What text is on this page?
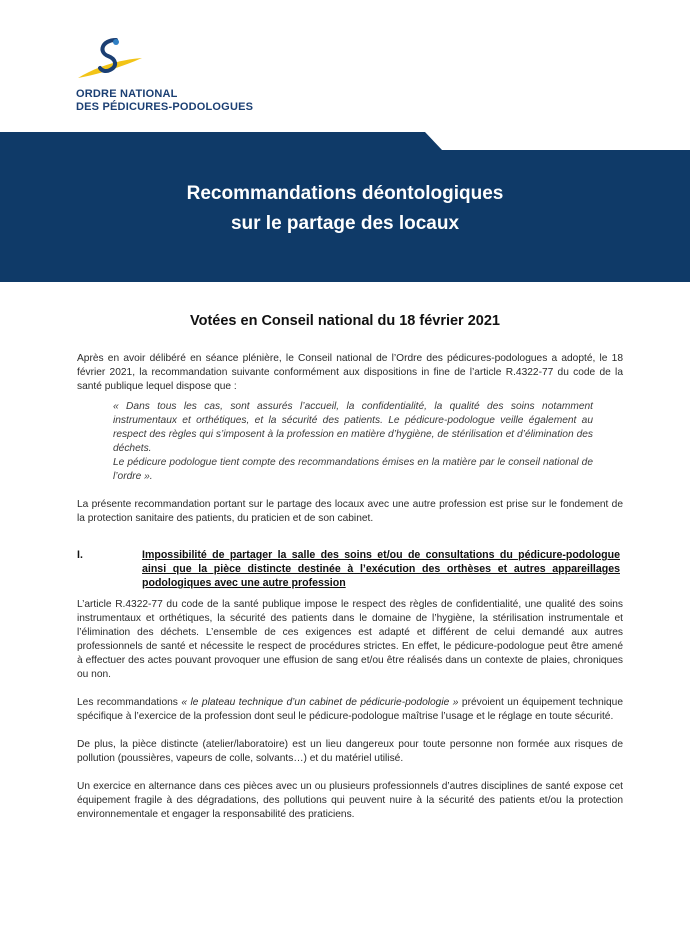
ORDRE NATIONAL
DES PÉDICURES-PODOLOGUES
Recommandations déontologiques
sur le partage des locaux
Votées en Conseil national du 18 février 2021

Après en avoir délibéré en séance plénière, le Conseil national de l’Ordre des pédicures-podologues a adopté, le 18 février 2021, la recommandation suivante conformément aux dispositions in fine de l’article R.4322-77 du code de la santé publique lequel dispose que :

« Dans tous les cas, sont assurés l’accueil, la confidentialité, la qualité des soins notamment instrumentaux et orthétiques, et la sécurité des patients. Le pédicure-podologue veille également au respect des règles qui s’imposent à la profession en matière d’hygiène, de stérilisation et d’élimination des déchets.
Le pédicure podologue tient compte des recommandations émises en la matière par le conseil national de l’ordre ».

La présente recommandation portant sur le partage des locaux avec une autre profession est prise sur le fondement de la protection sanitaire des patients, du praticien et de son cabinet.

I.	Impossibilité de partager la salle des soins et/ou de consultations du pédicure-podologue ainsi que la pièce distincte destinée à l’exécution des orthèses et autres appareillages podologiques avec une autre profession

L’article R.4322-77 du code de la santé publique impose le respect des règles de confidentialité, une qualité des soins instrumentaux et orthétiques, la sécurité des patients dans le domaine de l’hygiène, la stérilisation instrumentale et l’élimination des déchets. L’ensemble de ces exigences est adapté et différent de celui demandé aux autres professionnels de santé et nécessite le respect de procédures strictes. En effet, le pédicure-podologue peut être amené à effectuer des actes pouvant provoquer une effusion de sang et/ou être réalisés dans un contexte de plaies, chroniques ou non.

Les recommandations « le plateau technique d’un cabinet de pédicurie-podologie » prévoient un équipement technique spécifique à l’exercice de la profession dont seul le pédicure-podologue maîtrise l’usage et le réglage en toute sécurité.

De plus, la pièce distincte (atelier/laboratoire) est un lieu dangereux pour toute personne non formée aux risques de pollution (poussières, vapeurs de colle, solvants…) et du matériel utilisé.

Un exercice en alternance dans ces pièces avec un ou plusieurs professionnels d’autres disciplines de santé expose cet équipement fragile à des dégradations, des pollutions qui peuvent nuire à la sécurité des patients et/ou la protection environnementale et engager la responsabilité des praticiens.
